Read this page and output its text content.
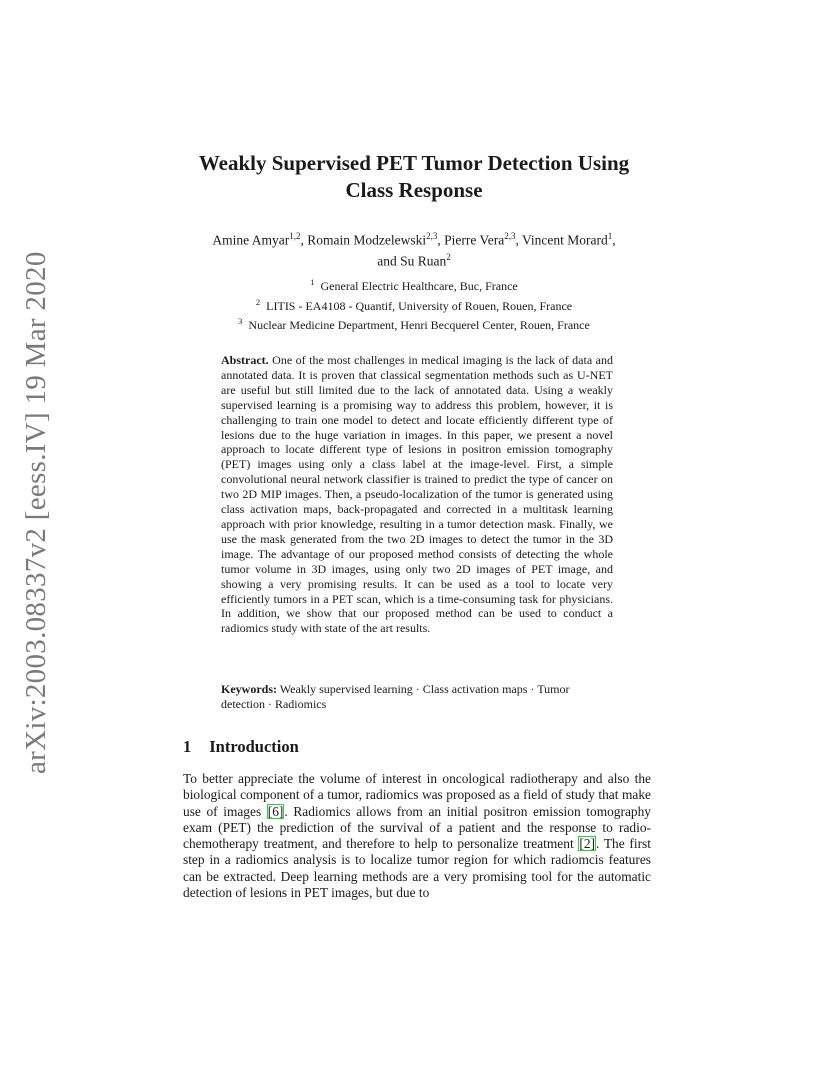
arXiv:2003.08337v2 [eess.IV] 19 Mar 2020
Weakly Supervised PET Tumor Detection Using
Class Response
Amine Amyar$^{1,2}$, Romain Modzelewski$^{2,3}$, Pierre Vera$^{2,3}$, Vincent Morard$^1$,
and Su Ruan$^2$
$^1$ General Electric Healthcare, Buc, France
$^2$ LITIS - EA4108 - Quantif, University of Rouen, Rouen, France
$^3$ Nuclear Medicine Department, Henri Becquerel Center, Rouen, France

Abstract. One of the most challenges in medical imaging is the lack of data and annotated data. It is proven that classical segmentation methods such as U-NET are useful but still limited due to the lack of annotated data. Using a weakly supervised learning is a promising way to address this problem, however, it is challenging to train one model to detect and locate efficiently different type of lesions due to the huge variation in images. In this paper, we present a novel approach to locate different type of lesions in positron emission tomography (PET) images using only a class label at the image-level. First, a simple convolutional neural network classifier is trained to predict the type of cancer on two 2D MIP images. Then, a pseudo-localization of the tumor is generated using class activation maps, back-propagated and corrected in a multitask learning approach with prior knowledge, resulting in a tumor detection mask. Finally, we use the mask generated from the two 2D images to detect the tumor in the 3D image. The advantage of our proposed method consists of detecting the whole tumor volume in 3D images, using only two 2D images of PET image, and showing a very promising results. It can be used as a tool to locate very efficiently tumors in a PET scan, which is a time-consuming task for physicians. In addition, we show that our proposed method can be used to conduct a radiomics study with state of the art results.

Keywords: Weakly supervised learning · Class activation maps · Tumor detection · Radiomics

1 Introduction

To better appreciate the volume of interest in oncological radiotherapy and also the biological component of a tumor, radiomics was proposed as a field of study that make use of images [6]. Radiomics allows from an initial positron emission tomography exam (PET) the prediction of the survival of a patient and the response to radio-chemotherapy treatment, and therefore to help to personalize treatment [2]. The first step in a radiomics analysis is to localize tumor region for which radiomcis features can be extracted. Deep learning methods are a very promising tool for the automatic detection of lesions in PET images, but due to
